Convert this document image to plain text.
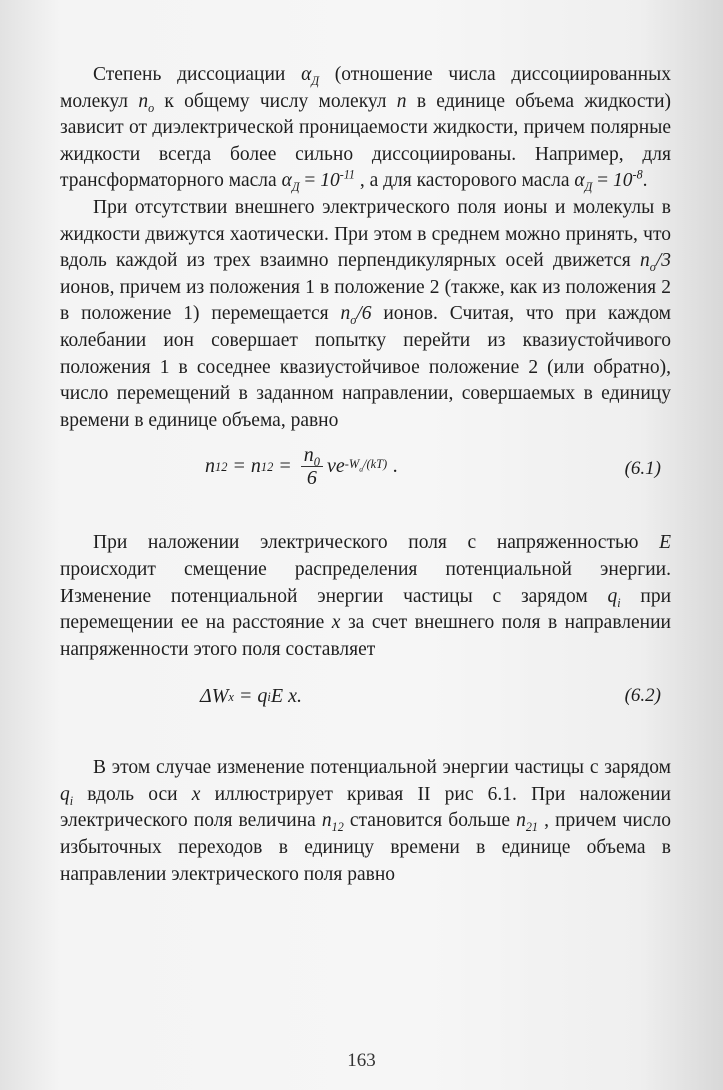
Степень диссоциации $\alpha_Д$ (отношение числа диссоциированных молекул $n_o$ к общему числу молекул n в единице объема жидкости) зависит от диэлектрической проницаемости жидкости, причем полярные жидкости всегда более сильно диссоциированы. Например, для трансформаторного масла $\alpha_Д = 10^{-11}$ , а для касторового масла $\alpha_Д = 10^{-8}$.

При отсутствии внешнего электрического поля ионы и молекулы в жидкости движутся хаотически. При этом в среднем можно принять, что вдоль каждой из трех взаимно перпендикулярных осей движется $n_o/3$ ионов, причем из положения 1 в положение 2 (также, как из положения 2 в положение 1) перемещается $n_o/6$ ионов. Считая, что при каждом колебании ион совершает попытку перейти из квазиустойчивого положения 1 в соседнее квазиустойчивое положение 2 (или обратно), число перемещений в заданном направлении, совершаемых в единицу времени в единице объема, равно

n 12 = n $12 = \frac{n_0}{6}$ νe $-W_a/(kT)$ .	(6.1)

При наложении электрического поля с напряженностью E происходит смещение распределения потенциальной энергии. Изменение потенциальной энергии частицы с зарядом $q_i$ при перемещении ее на расстояние x за счет внешнего поля в направлении напряженности этого поля составляет

ΔW x = q i E x.	(6.2)

В этом случае изменение потенциальной энергии частицы с зарядом $q_i$ вдоль оси x иллюстрирует кривая II рис 6.1. При наложении электрического поля величина $n_{12}$ становится больше $n_{21}$ , причем число избыточных переходов в единицу времени в единице объема в направлении электрического поля равно

163
